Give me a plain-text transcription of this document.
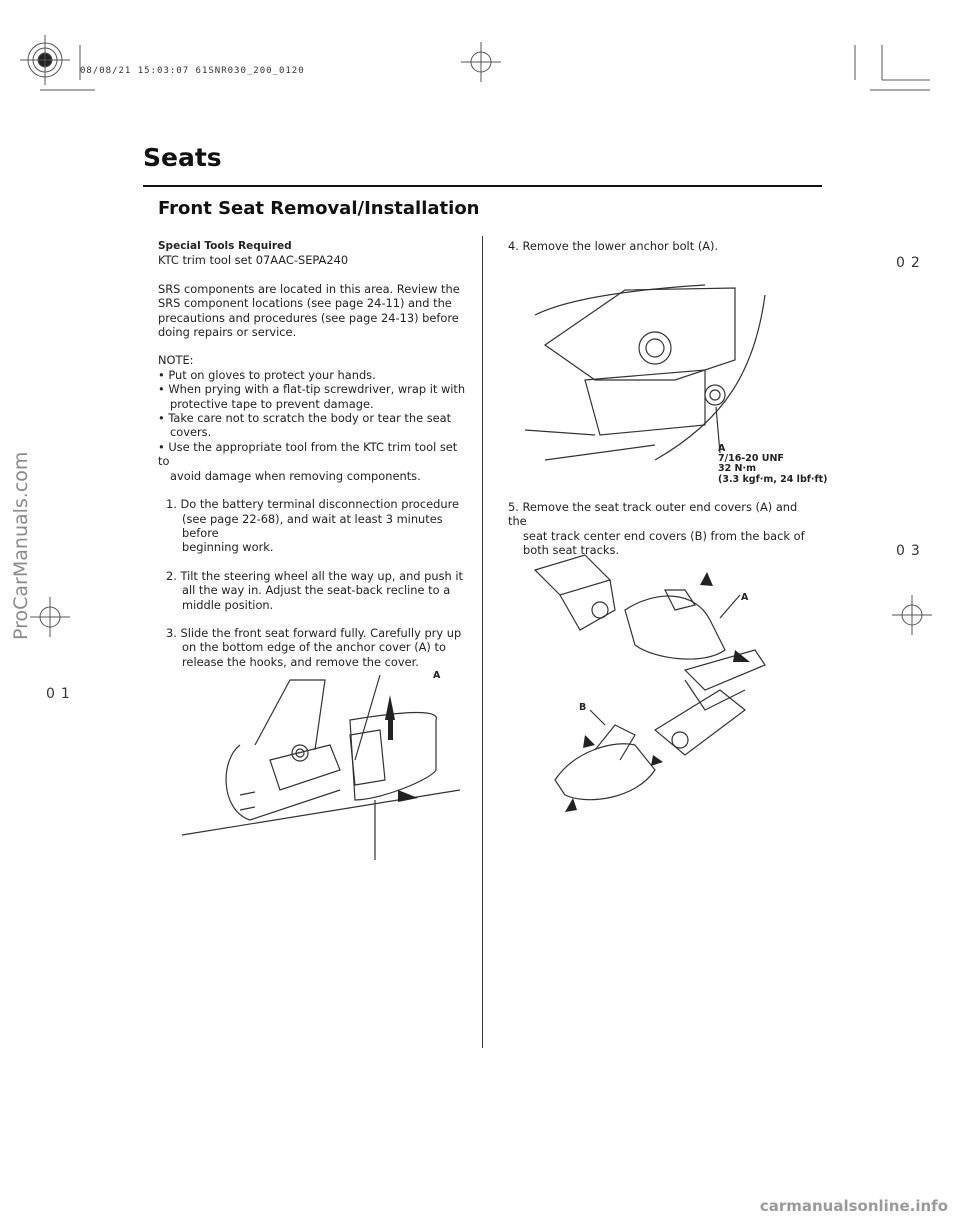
08/08/21 15:03:07 61SNR030_200_0120
Seats
Front Seat Removal/Installation

Special Tools Required

KTC trim tool set 07AAC-SEPA240

SRS components are located in this area. Review the

SRS component locations (see page 24-11) and the

precautions and procedures (see page 24-13) before

doing repairs or service.

NOTE:

• Put on gloves to protect your hands.

• When prying with a flat-tip screwdriver, wrap it with

protective tape to prevent damage.

• Take care not to scratch the body or tear the seat

covers.

• Use the appropriate tool from the KTC trim tool set to

avoid damage when removing components.

1. Do the battery terminal disconnection procedure

(see page 22-68), and wait at least 3 minutes before

beginning work.

2. Tilt the steering wheel all the way up, and push it

all the way in. Adjust the seat-back recline to a

middle position.

3. Slide the front seat forward fully. Carefully pry up

on the bottom edge of the anchor cover (A) to

release the hooks, and remove the cover.

A
4. Remove the lower anchor bolt (A).
A
7/16-20 UNF
32 N·m
(3.3 kgf·m, 24 lbf·ft)

5. Remove the seat track outer end covers (A) and the

seat track center end covers (B) from the back of

both seat tracks.

A
B
02
03
01
ProCarManuals.com
carmanualsonline.info
